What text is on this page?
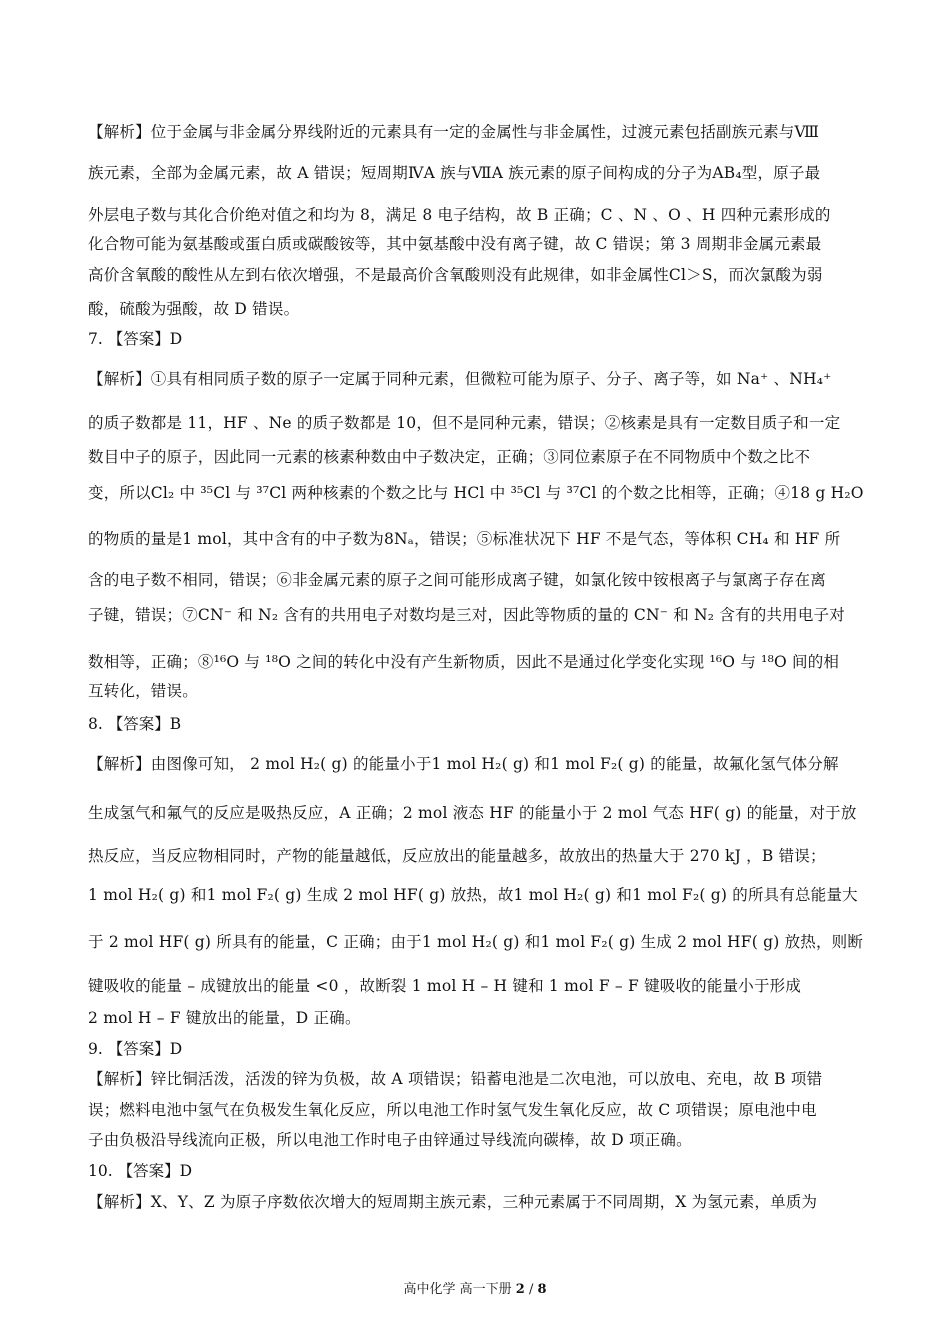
【解析】位于金属与非金属分界线附近的元素具有一定的金属性与非金属性，过渡元素包括副族元素与Ⅷ
族元素，全部为金属元素，故 A 错误；短周期ⅣA 族与ⅦA 族元素的原子间构成的分子为AB₄型，原子最
外层电子数与其化合价绝对值之和均为 8，满足 8 电子结构，故 B 正确；C 、N 、O 、H 四种元素形成的
化合物可能为氨基酸或蛋白质或碳酸铵等，其中氨基酸中没有离子键，故 C 错误；第 3 周期非金属元素最
高价含氧酸的酸性从左到右依次增强，不是最高价含氧酸则没有此规律，如非金属性Cl＞S，而次氯酸为弱
酸，硫酸为强酸，故 D 错误。
7. 【答案】D
【解析】①具有相同质子数的原子一定属于同种元素，但微粒可能为原子、分子、离子等，如 Na⁺ 、NH₄⁺
的质子数都是 11，HF 、Ne 的质子数都是 10，但不是同种元素，错误；②核素是具有一定数目质子和一定
数目中子的原子，因此同一元素的核素种数由中子数决定，正确；③同位素原子在不同物质中个数之比不
变，所以Cl₂ 中 ³⁵Cl 与 ³⁷Cl 两种核素的个数之比与 HCl 中 ³⁵Cl 与 ³⁷Cl 的个数之比相等，正确；④18 g H₂O
的物质的量是1 mol，其中含有的中子数为8Nₐ，错误；⑤标准状况下 HF 不是气态，等体积 CH₄ 和 HF 所
含的电子数不相同，错误；⑥非金属元素的原子之间可能形成离子键，如氯化铵中铵根离子与氯离子存在离
子键，错误；⑦CN⁻ 和 N₂ 含有的共用电子对数均是三对，因此等物质的量的 CN⁻ 和 N₂ 含有的共用电子对
数相等，正确；⑧¹⁶O 与 ¹⁸O 之间的转化中没有产生新物质，因此不是通过化学变化实现 ¹⁶O 与 ¹⁸O 间的相
互转化，错误。
8. 【答案】B
【解析】由图像可知， 2 mol H₂( g) 的能量小于1 mol H₂( g) 和1 mol F₂( g) 的能量，故氟化氢气体分解
生成氢气和氟气的反应是吸热反应，A 正确；2 mol 液态 HF 的能量小于 2 mol 气态 HF( g) 的能量，对于放
热反应，当反应物相同时，产物的能量越低，反应放出的能量越多，故放出的热量大于 270 kJ ，B 错误；
1 mol H₂( g) 和1 mol F₂( g) 生成 2 mol HF( g) 放热，故1 mol H₂( g) 和1 mol F₂( g) 的所具有总能量大
于 2 mol HF( g) 所具有的能量，C 正确；由于1 mol H₂( g) 和1 mol F₂( g) 生成 2 mol HF( g) 放热，则断
键吸收的能量 – 成键放出的能量 <0 ，故断裂 1 mol H – H 键和 1 mol F – F 键吸收的能量小于形成
2 mol H – F 键放出的能量，D 正确。
9. 【答案】D
【解析】锌比铜活泼，活泼的锌为负极，故 A 项错误；铅蓄电池是二次电池，可以放电、充电，故 B 项错
误；燃料电池中氢气在负极发生氧化反应，所以电池工作时氢气发生氧化反应，故 C 项错误；原电池中电
子由负极沿导线流向正极，所以电池工作时电子由锌通过导线流向碳棒，故 D 项正确。
10. 【答案】D
【解析】X、Y、Z 为原子序数依次增大的短周期主族元素，三种元素属于不同周期，X 为氢元素，单质为
高中化学 高一下册 2 / 8
